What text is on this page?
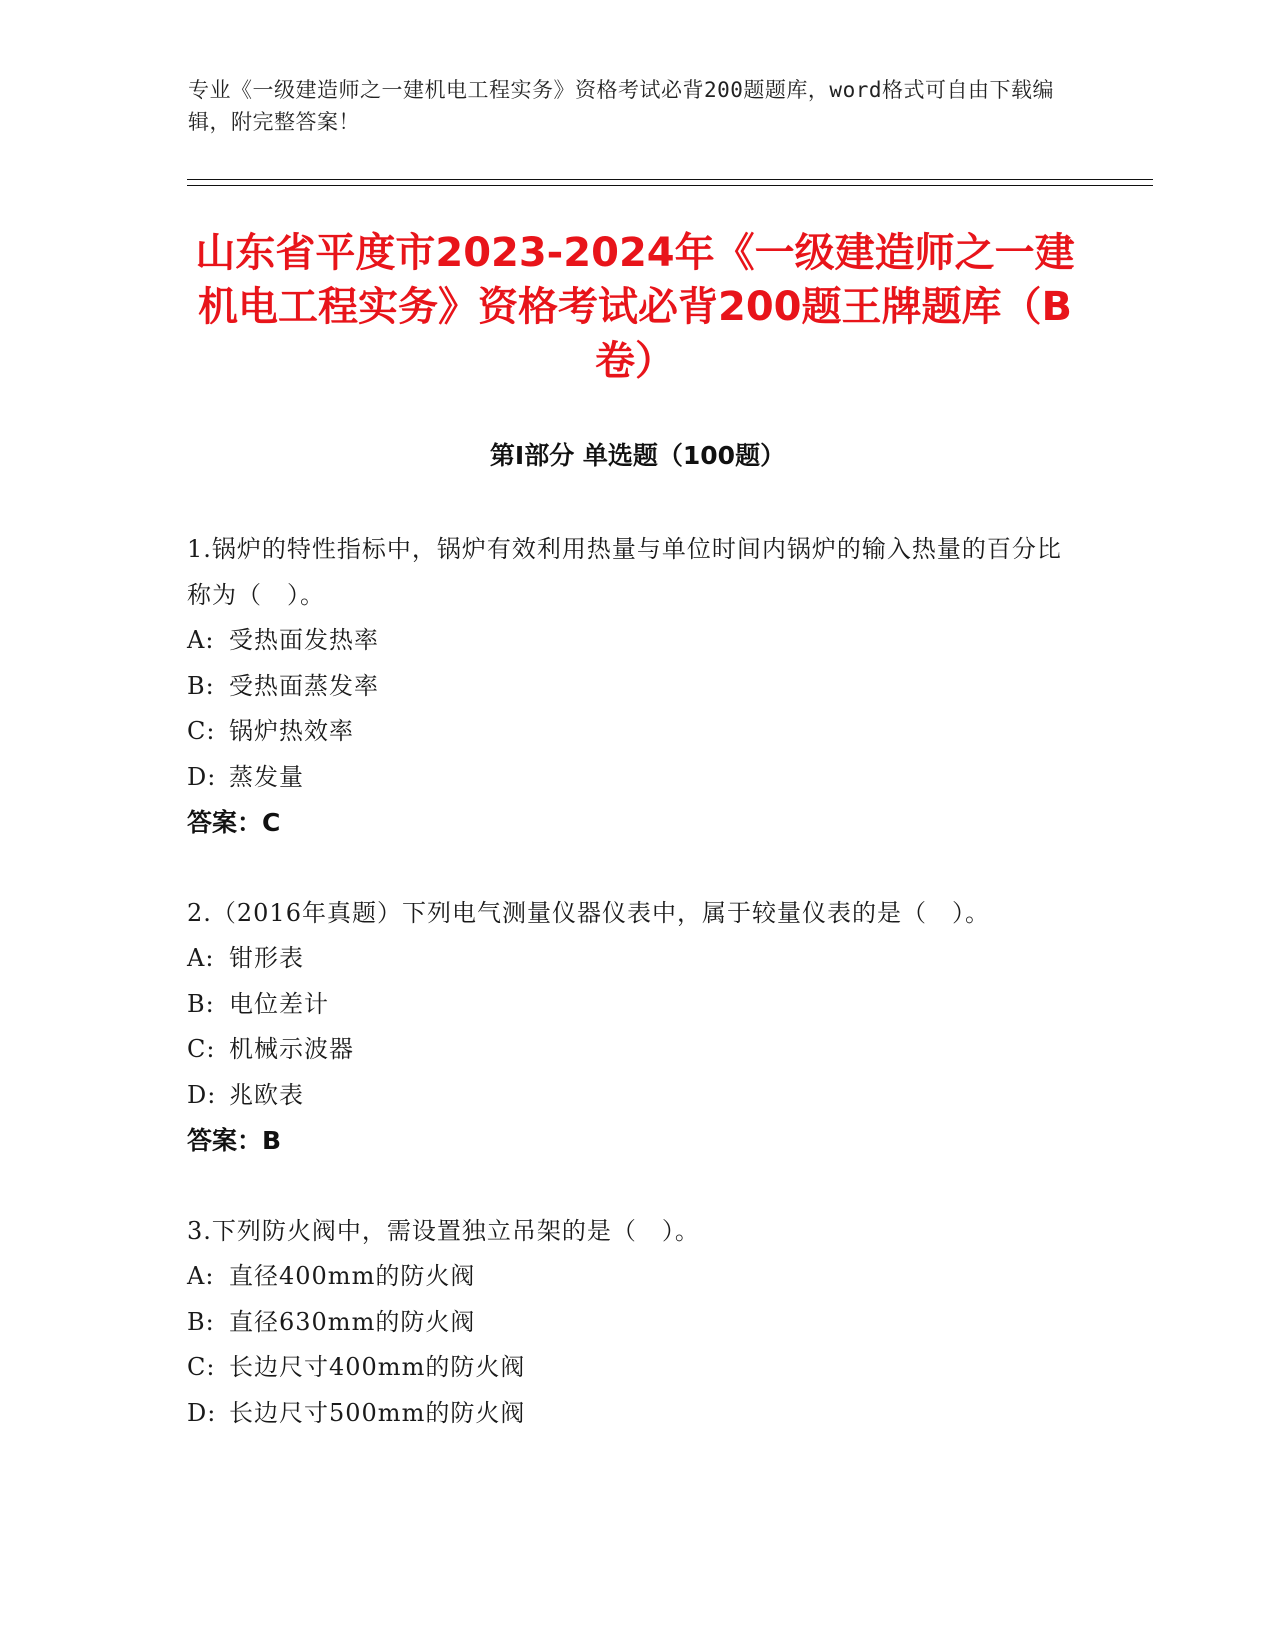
专业《一级建造师之一建机电工程实务》资格考试必背200题题库，word格式可自由下载编辑，附完整答案！
山东省平度市2023-2024年《一级建造师之一建机电工程实务》资格考试必背200题王牌题库（B卷）
第Ⅰ部分 单选题（100题）
1.锅炉的特性指标中，锅炉有效利用热量与单位时间内锅炉的输入热量的百分比称为（　）。
A: 受热面发热率
B: 受热面蒸发率
C: 锅炉热效率
D: 蒸发量
答案：C
2.（2016年真题）下列电气测量仪器仪表中，属于较量仪表的是（　）。
A: 钳形表
B: 电位差计
C: 机械示波器
D: 兆欧表
答案：B
3.下列防火阀中，需设置独立吊架的是（　）。
A: 直径400mm的防火阀
B: 直径630mm的防火阀
C: 长边尺寸400mm的防火阀
D: 长边尺寸500mm的防火阀
